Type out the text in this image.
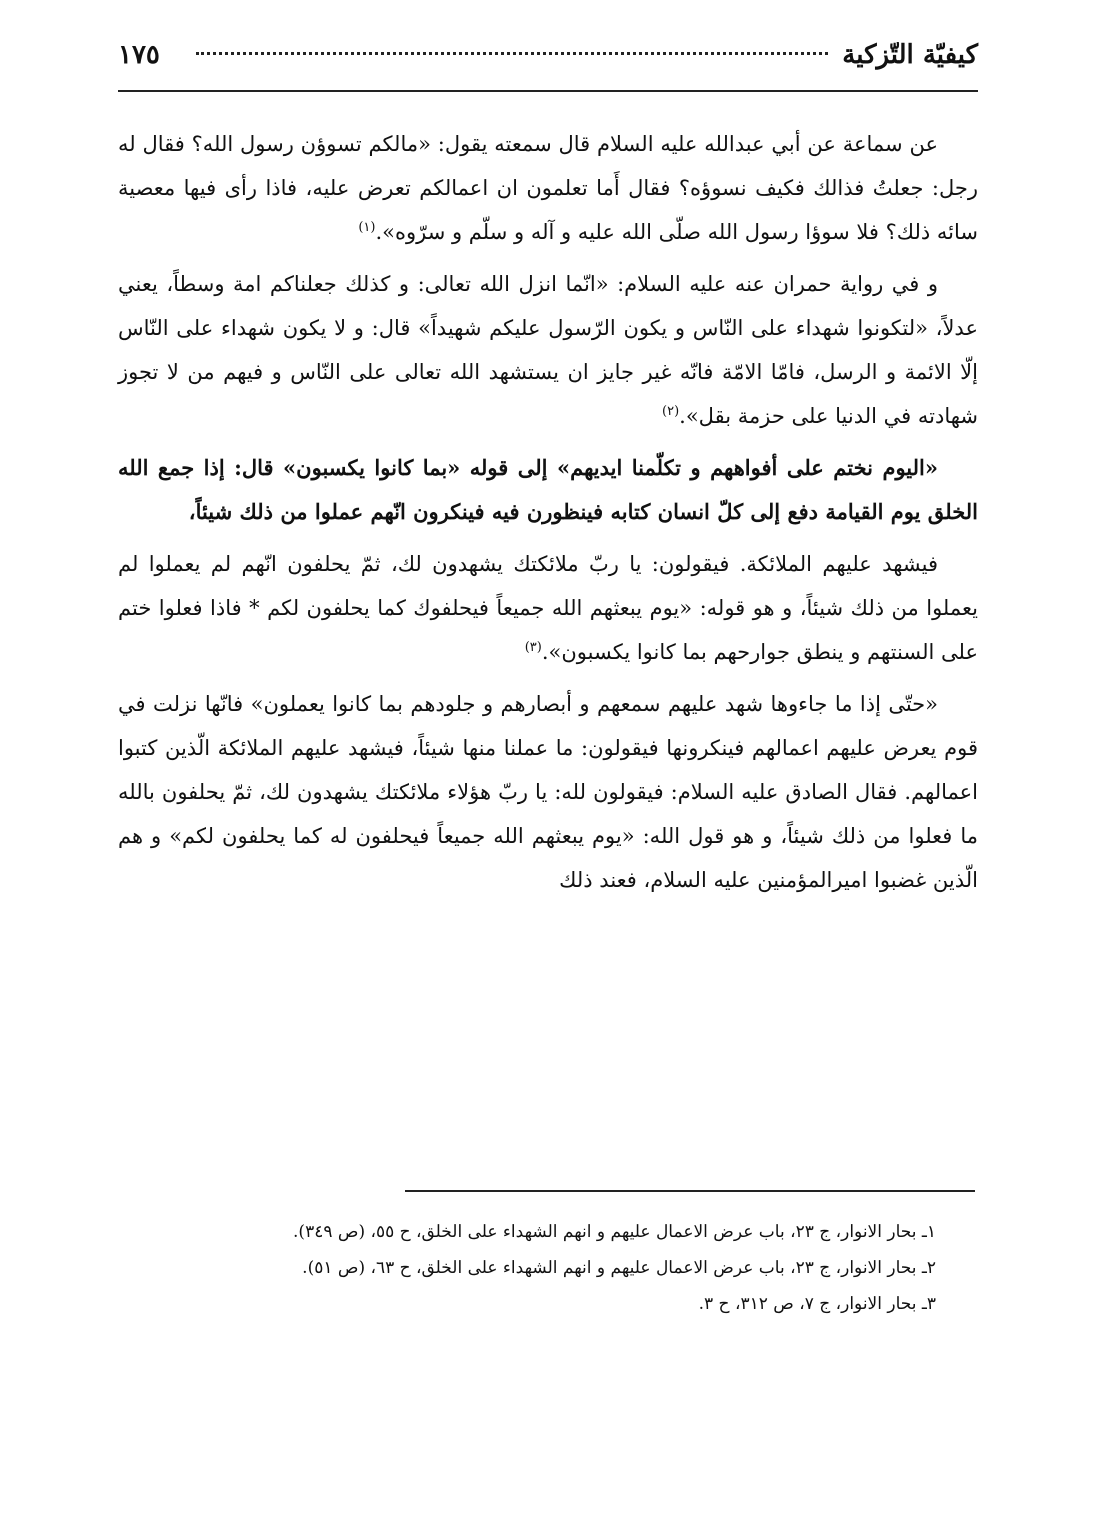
كيفيّة التّزكية
١٧٥

عن سماعة عن أبي عبدالله عليه السلام قال سمعته يقول: «مالكم تسوؤن رسول الله؟ فقال له رجل: جعلتُ فذالك فكيف نسوؤه؟ فقال أَما تعلمون ان اعمالكم تعرض عليه، فاذا رأى فيها معصية سائه ذلك؟ فلا سوؤا رسول الله صلّى الله عليه و آله و سلّم و سرّوه».$^{(١)}$

و في رواية حمران عنه عليه السلام: «انّما انزل الله تعالى: و كذلك جعلناكم امة وسطاً، يعني عدلاً، «لتكونوا شهداء على النّاس و يكون الرّسول عليكم شهيداً» قال: و لا يكون شهداء على النّاس إلّا الائمة و الرسل، فامّا الامّة فانّه غير جايز ان يستشهد الله تعالى على النّاس و فيهم من لا تجوز شهادته في الدنيا على حزمة بقل».$^{(٢)}$

«اليوم نختم على أفواههم و تكلّمنا ايديهم» إلى قوله «بما كانوا يكسبون» قال: إذا جمع الله الخلق يوم القيامة دفع إلى كلّ انسان كتابه فينظورن فيه فينكرون انّهم عملوا من ذلك شيئاً،

فيشهد عليهم الملائكة. فيقولون: يا ربّ ملائكتك يشهدون لك، ثمّ يحلفون انّهم لم يعملوا لم يعملوا من ذلك شيئاً، و هو قوله: «يوم يبعثهم الله جميعاً فيحلفوك كما يحلفون لكم * فاذا فعلوا ختم على السنتهم و ينطق جوارحهم بما كانوا يكسبون».$^{(٣)}$

«حتّى إذا ما جاءوها شهد عليهم سمعهم و أبصارهم و جلودهم بما كانوا يعملون» فانّها نزلت في قوم يعرض عليهم اعمالهم فينكرونها فيقولون: ما عملنا منها شيئاً، فيشهد عليهم الملائكة الّذين كتبوا اعمالهم. فقال الصادق عليه السلام: فيقولون لله: يا ربّ هؤلاء ملائكتك يشهدون لك، ثمّ يحلفون بالله ما فعلوا من ذلك شيئاً، و هو قول الله: «يوم يبعثهم الله جميعاً فيحلفون له كما يحلفون لكم» و هم الّذين غضبوا اميرالمؤمنين عليه السلام، فعند ذلك

١ـ بحار الانوار، ج ٢٣، باب عرض الاعمال عليهم و انهم الشهداء على الخلق، ح ٥٥، (ص ٣٤٩).
٢ـ بحار الانوار، ج ٢٣، باب عرض الاعمال عليهم و انهم الشهداء على الخلق، ح ٦٣، (ص ٥١).
٣ـ بحار الانوار، ج ٧، ص ٣١٢، ح ٣.
